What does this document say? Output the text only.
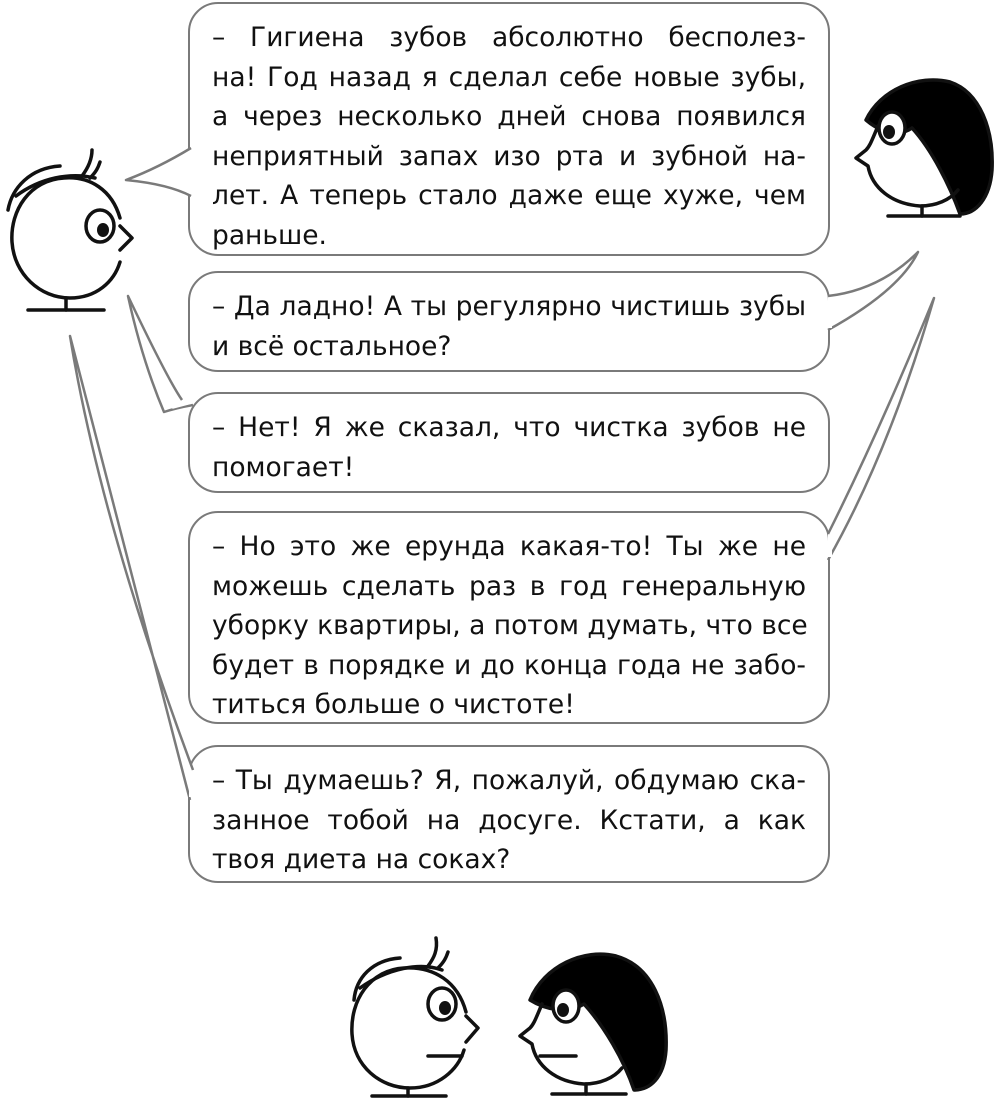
– Гигиена зубов абсолютно бесполез-
на! Год назад я сделал себе новые зубы,
а через несколько дней снова появился
неприятный запах изо рта и зубной на-
лет. А теперь стало даже еще хуже, чем
раньше.
– Да ладно! А ты регулярно чистишь зубы
и всё остальное?
– Нет! Я же сказал, что чистка зубов не
помогает!
– Но это же ерунда какая-то! Ты же не
можешь сделать раз в год генеральную
уборку квартиры, а потом думать, что все
будет в порядке и до конца года не забо-
титься больше о чистоте!
– Ты думаешь? Я, пожалуй, обдумаю ска-
занное тобой на досуге. Кстати, а как
твоя диета на соках?
